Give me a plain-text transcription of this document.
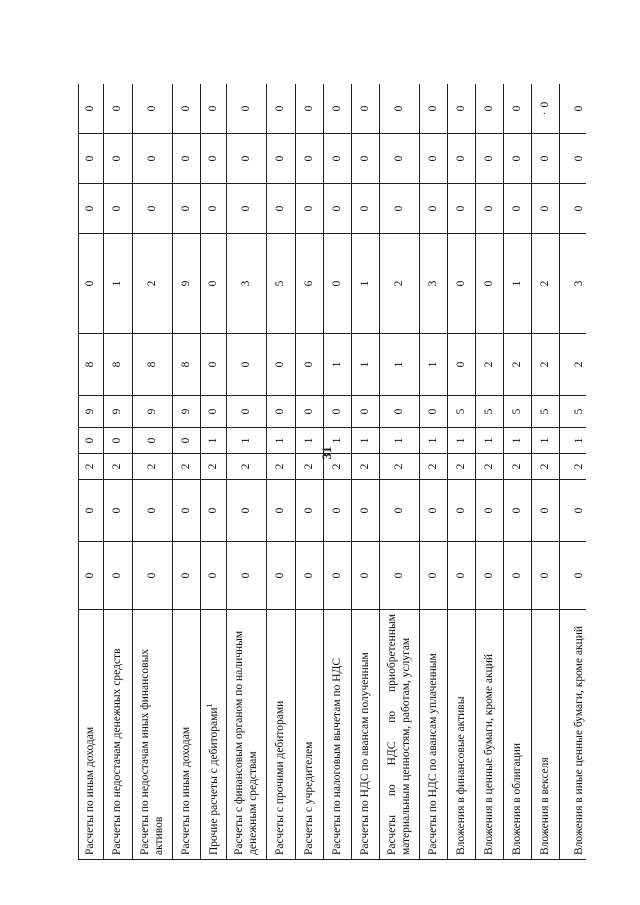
31
Расчеты по иным доходам	0	0	2	0	9	8	0	0	0	0
Расчеты по недостачам денежных средств	0	0	2	0	9	8	1	0	0	0
Расчеты по недостачам иных финансовых активов	0	0	2	0	9	8	2	0	0	0
Расчеты по иным доходам	0	0	2	0	9	8	9	0	0	0
Прочие расчеты с дебиторами$^1$	0	0	2	1	0	0	0	0	0	0
Расчеты с финансовым органом по наличным денежным средствам	0	0	2	1	0	0	3	0	0	0
Расчеты с прочими дебиторами	0	0	2	1	0	0	5	0	0	0
Расчеты с учредителем	0	0	2	1	0	0	6	0	0	0
Расчеты по налоговым вычетам по НДС	0	0	2	1	0	1	0	0	0	0
Расчеты по НДС по авансам полученным	0	0	2	1	0	1	1	0	0	0
Расчеты по НДС по приобретенным материальным ценностям, работам, услугам	0	0	2	1	0	1	2	0	0	0
Расчеты по НДС по авансам уплаченным	0	0	2	1	0	1	3	0	0	0
Вложения в финансовые активы	0	0	2	1	5	0	0	0	0	0
Вложения в ценные бумаги, кроме акций	0	0	2	1	5	2	0	0	0	0
Вложения в облигации	0	0	2	1	5	2	1	0	0	0
Вложения в векселя	0	0	2	1	5	2	2	0	0	·0
Вложения в иные ценные бумаги, кроме акций	0	0	2	1	5	2	3	0	0	0
